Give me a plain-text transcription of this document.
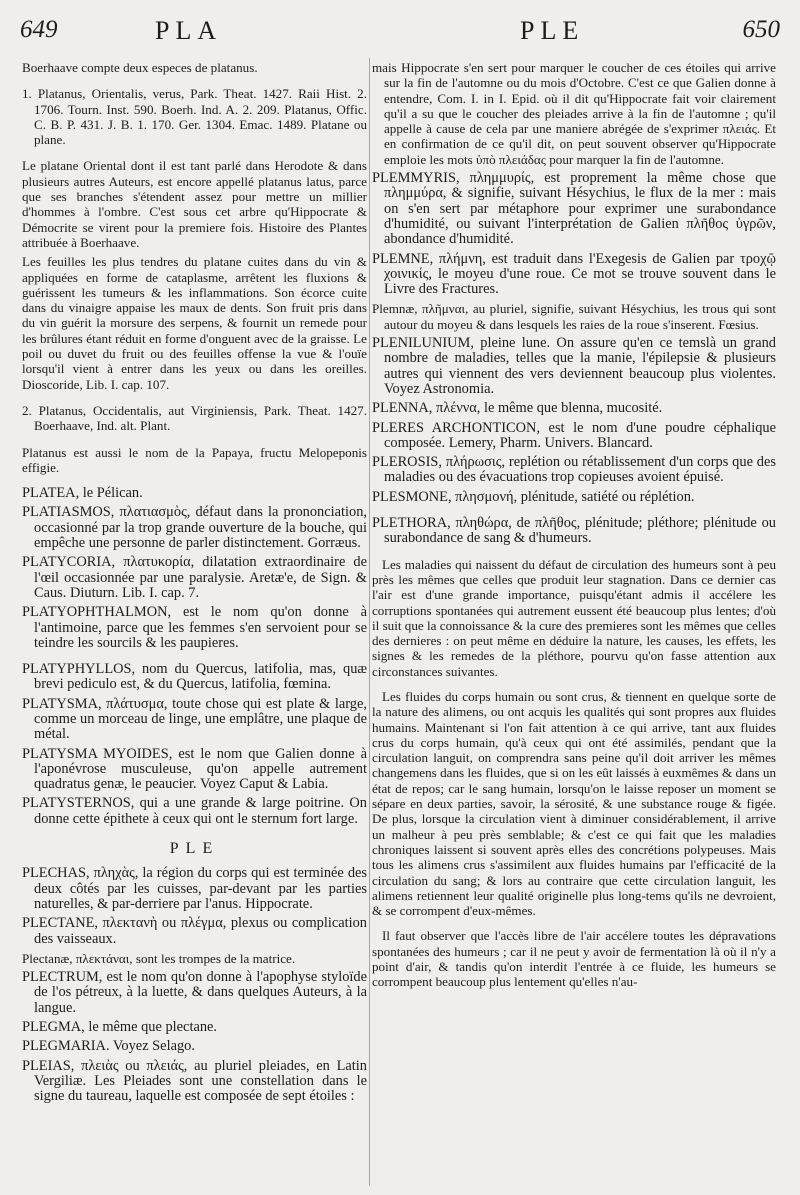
649	PLA	PLE	650

Boerhaave compte deux especes de platanus.

1. Platanus, Orientalis, verus, Park. Theat. 1427. Raii Hist. 2. 1706. Tourn. Inst. 590. Boerh. Ind. A. 2. 209. Platanus, Offic. C. B. P. 431. J. B. 1. 170. Ger. 1304. Emac. 1489. Platane ou plane.

Le platane Oriental dont il est tant parlé dans Herodote & dans plusieurs autres Auteurs, est encore appellé platanus latus, parce que ses branches s'étendent assez pour mettre un millier d'hommes à l'ombre. C'est sous cet arbre qu'Hippocrate & Démocrite se virent pour la premiere fois. Histoire des Plantes attribuée à Boerhaave.

Les feuilles les plus tendres du platane cuites dans du vin & appliquées en forme de cataplasme, arrêtent les fluxions & guérissent les tumeurs & les inflammations. Son écorce cuite dans du vinaigre appaise les maux de dents. Son fruit pris dans du vin guérit la morsure des serpens, & fournit un remede pour les brûlures étant réduit en forme d'onguent avec de la graisse. Le poil ou duvet du fruit ou des feuilles offense la vue & l'ouïe lorsqu'il vient à entrer dans les yeux ou dans les oreilles. Dioscoride, Lib. I. cap. 107.

2. Platanus, Occidentalis, aut Virginiensis, Park. Theat. 1427. Boerhaave, Ind. alt. Plant.

Platanus est aussi le nom de la Papaya, fructu Melopeponis effigie.

PLATEA, le Pélican.

PLATIASMOS, πλατιασμὸς, défaut dans la prononciation, occasionné par la trop grande ouverture de la bouche, qui empêche une personne de parler distinctement. Gorræus.

PLATYCORIA, πλατυκορία, dilatation extraordinaire de l'œil occasionnée par une paralysie. Aretæ'e, de Sign. & Caus. Diuturn. Lib. I. cap. 7.

PLATYOPHTHALMON, est le nom qu'on donne à l'antimoine, parce que les femmes s'en servoient pour se teindre les sourcils & les paupieres.

PLATYPHYLLOS, nom du Quercus, latifolia, mas, quæ brevi pediculo est, & du Quercus, latifolia, fœmina.

PLATYSMA, πλάτυσμα, toute chose qui est plate & large, comme un morceau de linge, une emplâtre, une plaque de métal.

PLATYSMA MYOIDES, est le nom que Galien donne à l'aponévrose musculeuse, qu'on appelle autrement quadratus genæ, le peaucier. Voyez Caput & Labia.

PLATYSTERNOS, qui a une grande & large poitrine. On donne cette épithete à ceux qui ont le sternum fort large.

PLE

PLECHAS, πληχὰς, la région du corps qui est terminée des deux côtés par les cuisses, par-devant par les parties naturelles, & par-derriere par l'anus. Hippocrate.

PLECTANE, πλεκτανὴ ou πλέγμα, plexus ou complication des vaisseaux.

Plectanæ, πλεκτάναι, sont les trompes de la matrice.

PLECTRUM, est le nom qu'on donne à l'apophyse styloïde de l'os pétreux, à la luette, & dans quelques Auteurs, à la langue.

PLEGMA, le même que plectane.

PLEGMARIA. Voyez Selago.

PLEIAS, πλειὰς ou πλειάς, au pluriel pleiades, en Latin Vergiliæ. Les Pleiades sont une constellation dans le signe du taureau, laquelle est composée de sept étoiles :

mais Hippocrate s'en sert pour marquer le coucher de ces étoiles qui arrive sur la fin de l'automne ou du mois d'Octobre. C'est ce que Galien donne à entendre, Com. I. in I. Epid. où il dit qu'Hippocrate fait voir clairement qu'il a su que le coucher des pleiades arrive à la fin de l'automne ; qu'il appelle à cause de cela par une maniere abrégée de s'exprimer πλειάς. Et en confirmation de ce qu'il dit, on peut souvent observer qu'Hippocrate emploie les mots ὑπὸ πλειάδας pour marquer la fin de l'automne.

PLEMMYRIS, πλημμυρίς, est proprement la même chose que πλημμύρα, & signifie, suivant Hésychius, le flux de la mer : mais on s'en sert par métaphore pour exprimer une surabondance d'humidité, ou suivant l'interprétation de Galien πλῆθος ὑγρῶν, abondance d'humidité.

PLEMNE, πλήμνη, est traduit dans l'Exegesis de Galien par τροχῷ χοινικίς, le moyeu d'une roue. Ce mot se trouve souvent dans le Livre des Fractures.

Plemnæ, πλῆμναι, au pluriel, signifie, suivant Hésychius, les trous qui sont autour du moyeu & dans lesquels les raies de la roue s'inserent. Fœsius.

PLENILUNIUM, pleine lune. On assure qu'en ce temslà un grand nombre de maladies, telles que la manie, l'épilepsie & plusieurs autres qui viennent des vers deviennent beaucoup plus violentes. Voyez Astronomia.

PLENNA, πλέννα, le même que blenna, mucosité.

PLERES ARCHONTICON, est le nom d'une poudre céphalique composée. Lemery, Pharm. Univers. Blancard.

PLEROSIS, πλήρωσις, replétion ou rétablissement d'un corps que des maladies ou des évacuations trop copieuses avoient épuisé.

PLESMONE, πλησμονή, plénitude, satiété ou réplétion.

PLETHORA, πληθώρα, de πλῆθος, plénitude; pléthore; plénitude ou surabondance de sang & d'humeurs.

Les maladies qui naissent du défaut de circulation des humeurs sont à peu près les mêmes que celles que produit leur stagnation. Dans ce dernier cas l'air est d'une grande importance, puisqu'étant admis il accélere les corruptions spontanées qui autrement eussent été beaucoup plus lentes; d'où il suit que la connoissance & la cure des premieres sont les mêmes que celles des dernieres : on peut même en déduire la nature, les causes, les effets, les signes & les remedes de la pléthore, pourvu qu'on fasse attention aux circonstances suivantes.

Les fluides du corps humain ou sont crus, & tiennent en quelque sorte de la nature des alimens, ou ont acquis les qualités qui sont propres aux fluides humains. Maintenant si l'on fait attention à ce qui arrive, tant aux fluides crus du corps humain, qu'à ceux qui ont été assimilés, pendant que la circulation languit, on comprendra sans peine qu'il doit arriver les mêmes changemens dans les fluides, que si on les eût laissés à euxmêmes & dans un état de repos; car le sang humain, lorsqu'on le laisse reposer un moment se sépare en deux parties, savoir, la sérosité, & une substance rouge & figée. De plus, lorsque la circulation vient à diminuer considérablement, il arrive un malheur à peu près semblable; & c'est ce qui fait que les maladies chroniques laissent si souvent après elles des concrétions polypeuses. Mais tous les alimens crus s'assimilent aux fluides humains par l'efficacité de la circulation du sang; & lors au contraire que cette circulation languit, les alimens retiennent leur qualité originelle plus long-tems qu'ils ne devroient, & se corrompent d'eux-mêmes.

Il faut observer que l'accès libre de l'air accélere toutes les dépravations spontanées des humeurs ; car il ne peut y avoir de fermentation là où il n'y a point d'air, & tandis qu'on interdit l'entrée à ce fluide, les humeurs se corrompent beaucoup plus lentement qu'elles n'au-
